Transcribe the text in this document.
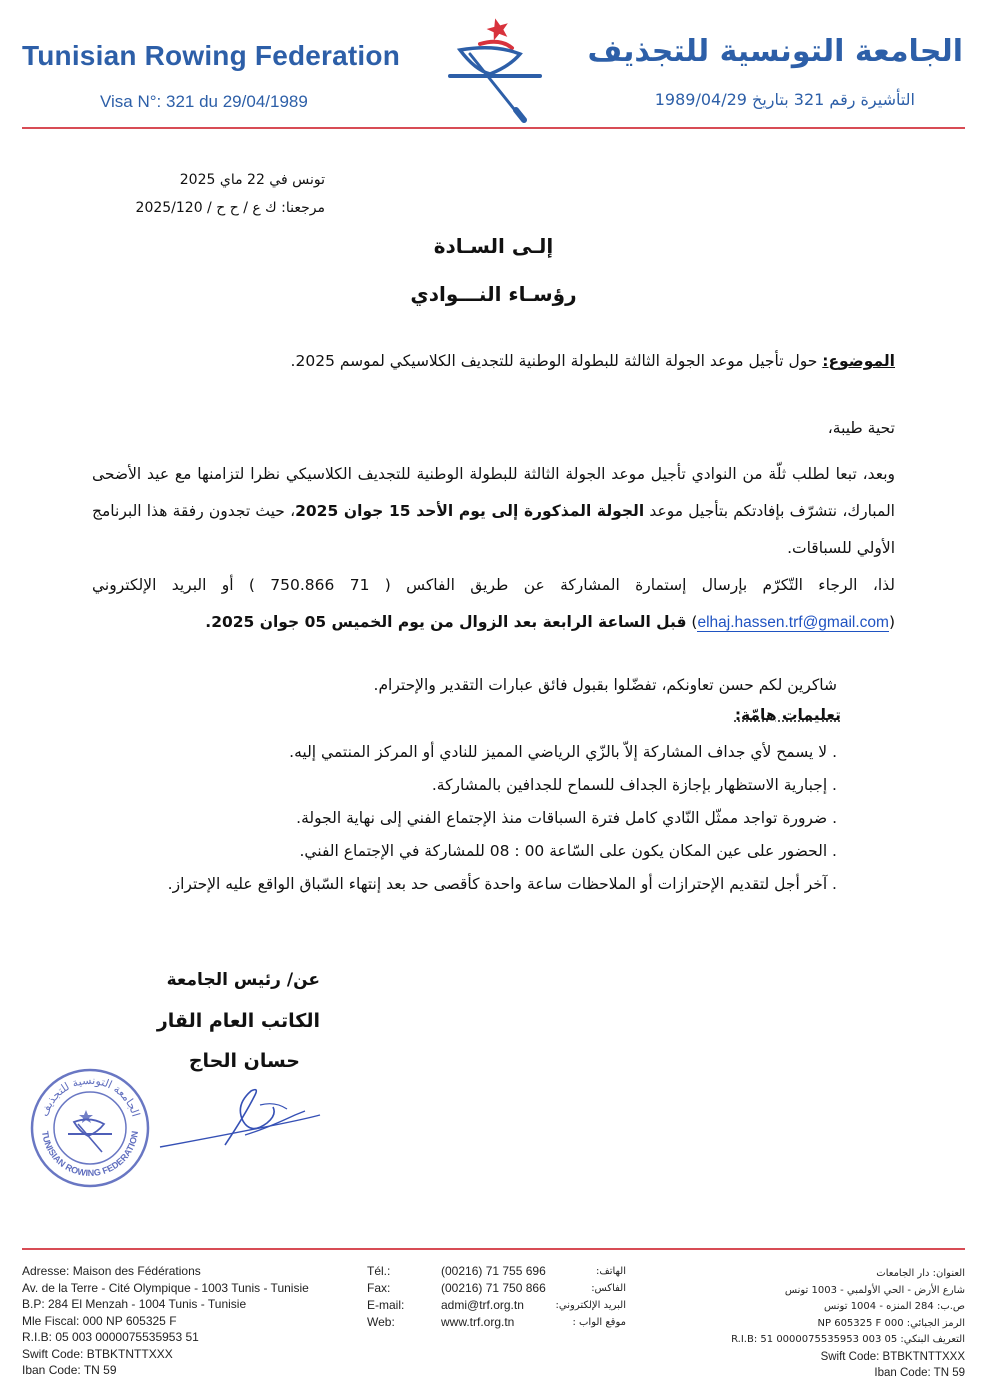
Tunisian Rowing Federation
Visa N°: 321 du 29/04/1989
الجامعة التونسية للتجذيف
التأشيرة رقم 321 بتاريخ 1989/04/29
تونس في 22 ماي 2025
مرجعنا: ك ع / ح ح / 2025/120
إلـى السـادة
رؤسـاء النـــوادي
الموضوع: حول تأجيل موعد الجولة الثالثة للبطولة الوطنية للتجديف الكلاسيكي لموسم 2025.
تحية طيبة،
وبعد، تبعا لطلب ثلّة من النوادي تأجيل موعد الجولة الثالثة للبطولة الوطنية للتجديف الكلاسيكي نظرا لتزامنها مع عيد الأضحى المبارك، نتشرّف بإفادتكم بتأجيل موعد الجولة المذكورة إلى يوم الأحد 15 جوان 2025، حيث تجدون رفقة هذا البرنامج الأولي للسباقات.
لذا، الرجاء التّكرّم بإرسال إستمارة المشاركة عن طريق الفاكس ( 71 750.866 ) أو البريد الإلكتروني (elhaj.hassen.trf@gmail.com) قبل الساعة الرابعة بعد الزوال من يوم الخميس 05 جوان 2025.
شاكرين لكم حسن تعاونكم، تفضّلوا بقبول فائق عبارات التقدير والإحترام.
تعليمات هامّة:
. لا يسمح لأي جداف المشاركة إلاّ بالزّي الرياضي المميز للنادي أو المركز المنتمي إليه.
. إجبارية الاستظهار بإجازة الجداف للسماح للجدافين بالمشاركة.
. ضرورة تواجد ممثّل النّادي كامل فترة السباقات منذ الإجتماع الفني إلى نهاية الجولة.
. الحضور على عين المكان يكون على السّاعة 00 : 08 للمشاركة في الإجتماع الفني.
. آخر أجل لتقديم الإحترازات أو الملاحظات ساعة واحدة كأقصى حد بعد إنتهاء السّباق الواقع عليه الإحتراز.
عن/ رئيس الجامعة
الكاتب العام القار
حسان الحاج
الجامعة التونسية للتجذيف
TUNISIAN ROWING FEDERATION
Adresse: Maison des Fédérations
Av. de la Terre - Cité Olympique - 1003 Tunis - Tunisie
B.P: 284 El Menzah - 1004 Tunis - Tunisie
Mle Fiscal: 000 NP 605325 F
R.I.B: 05 003 0000075535953 51
Swift Code: BTBKTNTTXXX
Iban Code: TN 59
Tél.:
Fax:
E-mail:
Web:
(00216) 71 755 696
(00216) 71 750 866
admi@trf.org.tn
www.trf.org.tn
الهاتف:
الفاكس:
البريد الإلكتروني:
موقع الواب :
العنوان: دار الجامعات
شارع الأرض - الحي الأولمبي - 1003 تونس
ص.ب: 284 المنزه - 1004 تونس
الرمز الجبائي: 000 NP 605325 F
التعريف البنكي: 05 003 0000075535953 51 :R.I.B
Swift Code: BTBKTNTTXXX
Iban Code: TN 59
